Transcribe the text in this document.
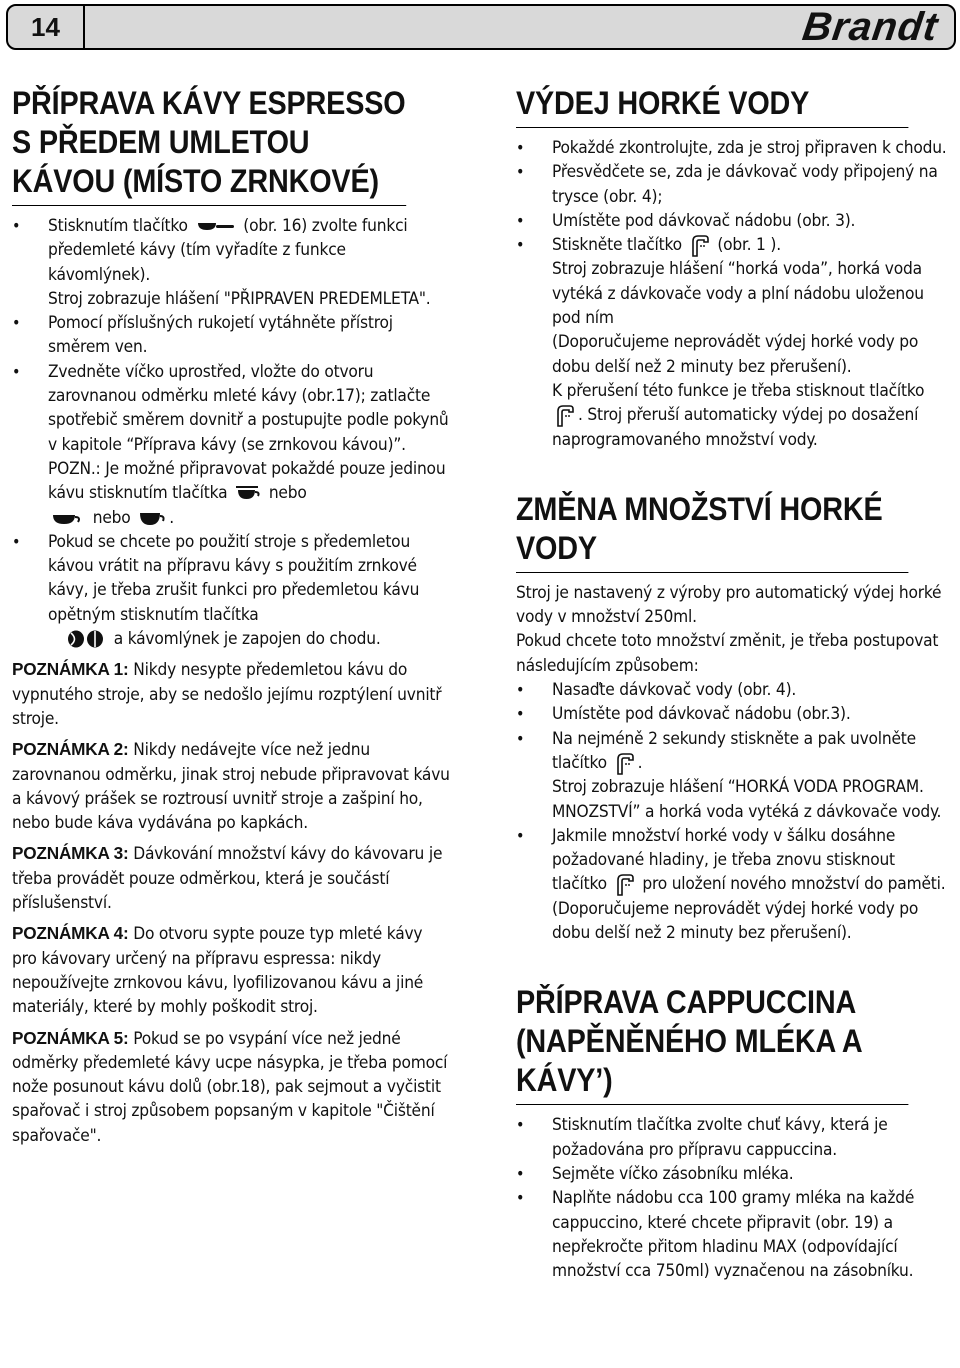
14	Brandt
PŘÍPRAVA KÁVY ESPRESSO
S PŘEDEM UMLETOU

KÁVOU (MÍSTO ZRNKOVÉ)
• Stisknutím tlačítko	(obr. 16) zvolte funkci předemleté kávy (tím vyřadíte z funkce kávomlýnek).
Stroj zobrazuje hlášení "PŘIPRAVEN PREDEMLETA".
• Pomocí příslušných rukojetí vytáhněte přístroj směrem ven.
• Zvedněte víčko uprostřed, vložte do otvoru zarovnanou odměrku mleté kávy (obr.17); zatlačte spotřebič směrem dovnitř a postupujte podle pokynů v kapitole “Příprava kávy (se zrnkovou kávou)”.
POZN.: Je možné připravovat pokaždé pouze jedinou kávu stisknutím tlačítka nebo
nebo .
• Pokud se chcete po použití stroje s předemletou kávou vrátit na přípravu kávy s použitím zrnkové kávy, je třeba zrušit funkci pro předemletou kávu opětným stisknutím tlačítka
a kávomlýnek je zapojen do chodu.

POZNÁMKA 1: Nikdy nesypte předemletou kávu do vypnutého stroje, aby se nedošlo jejímu rozptýlení uvnitř stroje.

POZNÁMKA 2: Nikdy nedávejte více než jednu zarovnanou odměrku, jinak stroj nebude připravovat kávu a kávový prášek se roztrousí uvnitř stroje a zašpiní ho, nebo bude káva vydávána po kapkách.

POZNÁMKA 3: Dávkování množství kávy do kávovaru je třeba provádět pouze odměrkou, která je součástí příslušenství.

POZNÁMKA 4: Do otvoru sypte pouze typ mleté kávy pro kávovary určený na přípravu espressa: nikdy nepoužívejte zrnkovou kávu, lyofilizovanou kávu a jiné materiály, které by mohly poškodit stroj.

POZNÁMKA 5: Pokud se po vsypání více než jedné odměrky předemleté kávy ucpe násypka, je třeba pomocí nože posunout kávu dolů (obr.18), pak sejmout a vyčistit spařovač i stroj způsobem popsaným v kapitole "Čištění spařovače".

VÝDEJ HORKÉ VODY
• Pokaždé zkontrolujte, zda je stroj připraven k chodu.
• Přesvědčete se, zda je dávkovač vody připojený na trysce (obr. 4);
• Umístěte pod dávkovač nádobu (obr. 3).
• Stiskněte tlačítko (obr. 1 ).

Stroj zobrazuje hlášení “horká voda”, horká voda vytéká z dávkovače vody a plní nádobu uloženou pod ním

(Doporučujeme neprovádět výdej horké vody po dobu delší než 2 minuty bez přerušení).

K přerušení této funkce je třeba stisknout tlačítko . Stroj přeruší automaticky výdej po dosažení naprogramovaného množství vody.

ZMĚNA MNOŽSTVÍ HORKÉ
VODY

Stroj je nastavený z výroby pro automatický výdej horké vody v množství 250ml.

Pokud chcete toto množství změnit, je třeba postupovat následujícím způsobem:

• Nasaďte dávkovač vody (obr. 4).
• Umístěte pod dávkovač nádobu (obr.3).
• Na nejméně 2 sekundy stiskněte a pak uvolněte tlačítko .
Stroj zobrazuje hlášení “HORKÁ VODA PROGRAM. MNOZSTVÍ” a horká voda vytéká z dávkovače vody.
• Jakmile množství horké vody v šálku dosáhne požadované hladiny, je třeba znovu stisknout tlačítko pro uložení nového množství do paměti.
(Doporučujeme neprovádět výdej horké vody po dobu delší než 2 minuty bez přerušení).
PŘÍPRAVA CAPPUCCINA
(NAPĚNĚNÉHO MLÉKA A
KÁVY’)
• Stisknutím tlačítka zvolte chuť kávy, která je požadována pro přípravu cappuccina.
• Sejměte víčko zásobníku mléka.
• Naplňte nádobu cca 100 gramy mléka na každé cappuccino, které chcete připravit (obr. 19) a nepřekročte přitom hladinu MAX (odpovídající množství cca 750ml) vyznačenou na zásobníku.
